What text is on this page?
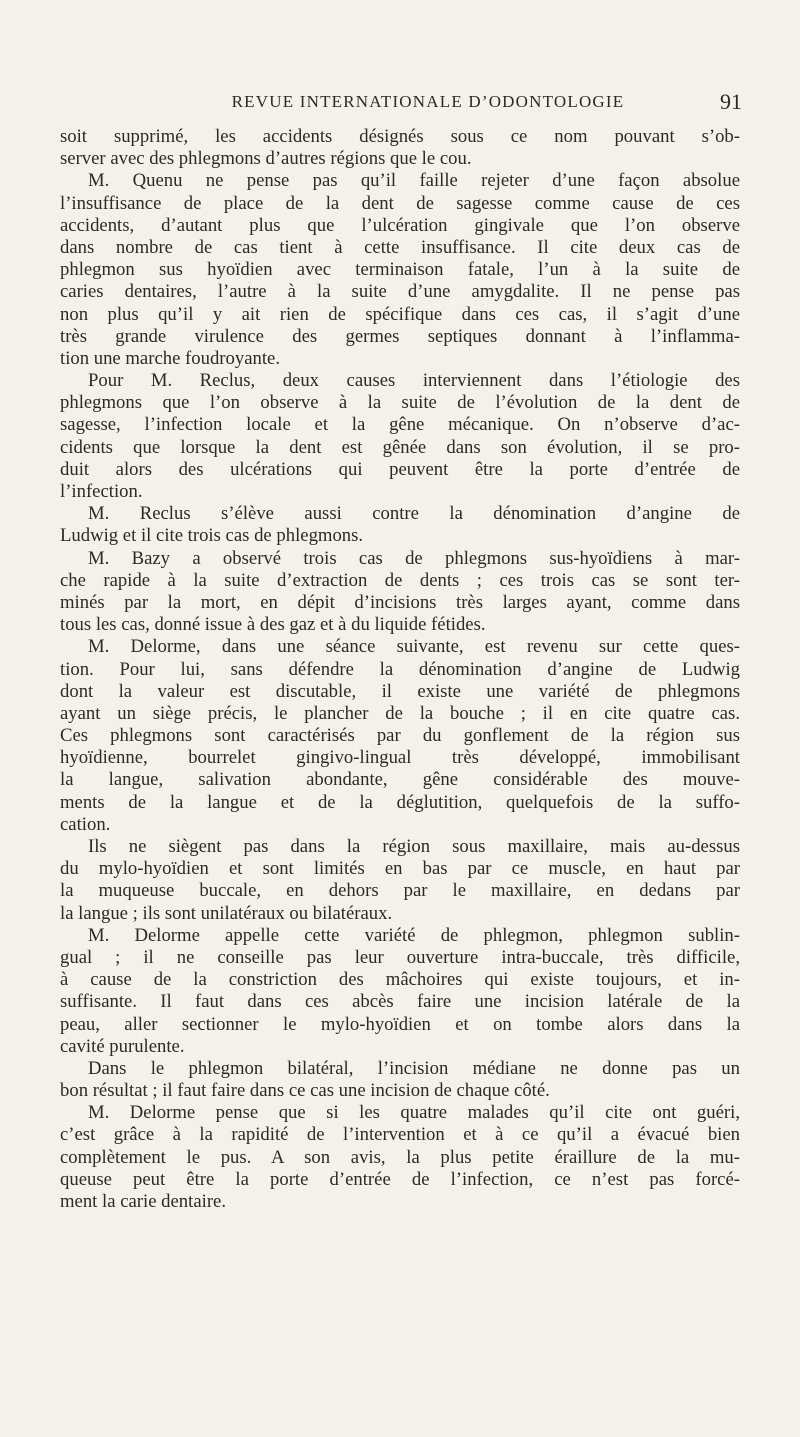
REVUE INTERNATIONALE D’ODONTOLOGIE	91
soit supprimé, les accidents désignés sous ce nom pouvant s’ob-
server avec des phlegmons d’autres régions que le cou.
M. Quenu ne pense pas qu’il faille rejeter d’une façon absolue
l’insuffisance de place de la dent de sagesse comme cause de ces
accidents, d’autant plus que l’ulcération gingivale que l’on observe
dans nombre de cas tient à cette insuffisance. Il cite deux cas de
phlegmon sus hyoïdien avec terminaison fatale, l’un à la suite de
caries dentaires, l’autre à la suite d’une amygdalite. Il ne pense pas
non plus qu’il y ait rien de spécifique dans ces cas, il s’agit d’une
très grande virulence des germes septiques donnant à l’inflamma-
tion une marche foudroyante.
Pour M. Reclus, deux causes interviennent dans l’étiologie des
phlegmons que l’on observe à la suite de l’évolution de la dent de
sagesse, l’infection locale et la gêne mécanique. On n’observe d’ac-
cidents que lorsque la dent est gênée dans son évolution, il se pro-
duit alors des ulcérations qui peuvent être la porte d’entrée de
l’infection.
M. Reclus s’élève aussi contre la dénomination d’angine de
Ludwig et il cite trois cas de phlegmons.
M. Bazy a observé trois cas de phlegmons sus-hyoïdiens à mar-
che rapide à la suite d’extraction de dents ; ces trois cas se sont ter-
minés par la mort, en dépit d’incisions très larges ayant, comme dans
tous les cas, donné issue à des gaz et à du liquide fétides.
M. Delorme, dans une séance suivante, est revenu sur cette ques-
tion. Pour lui, sans défendre la dénomination d’angine de Ludwig
dont la valeur est discutable, il existe une variété de phlegmons
ayant un siège précis, le plancher de la bouche ; il en cite quatre cas.
Ces phlegmons sont caractérisés par du gonflement de la région sus
hyoïdienne, bourrelet gingivo-lingual très développé, immobilisant
la langue, salivation abondante, gêne considérable des mouve-
ments de la langue et de la déglutition, quelquefois de la suffo-
cation.
Ils ne siègent pas dans la région sous maxillaire, mais au-dessus
du mylo-hyoïdien et sont limités en bas par ce muscle, en haut par
la muqueuse buccale, en dehors par le maxillaire, en dedans par
la langue ; ils sont unilatéraux ou bilatéraux.
M. Delorme appelle cette variété de phlegmon, phlegmon sublin-
gual ; il ne conseille pas leur ouverture intra-buccale, très difficile,
à cause de la constriction des mâchoires qui existe toujours, et in-
suffisante. Il faut dans ces abcès faire une incision latérale de la
peau, aller sectionner le mylo-hyoïdien et on tombe alors dans la
cavité purulente.
Dans le phlegmon bilatéral, l’incision médiane ne donne pas un
bon résultat ; il faut faire dans ce cas une incision de chaque côté.
M. Delorme pense que si les quatre malades qu’il cite ont guéri,
c’est grâce à la rapidité de l’intervention et à ce qu’il a évacué bien
complètement le pus. A son avis, la plus petite éraillure de la mu-
queuse peut être la porte d’entrée de l’infection, ce n’est pas forcé-
ment la carie dentaire.
